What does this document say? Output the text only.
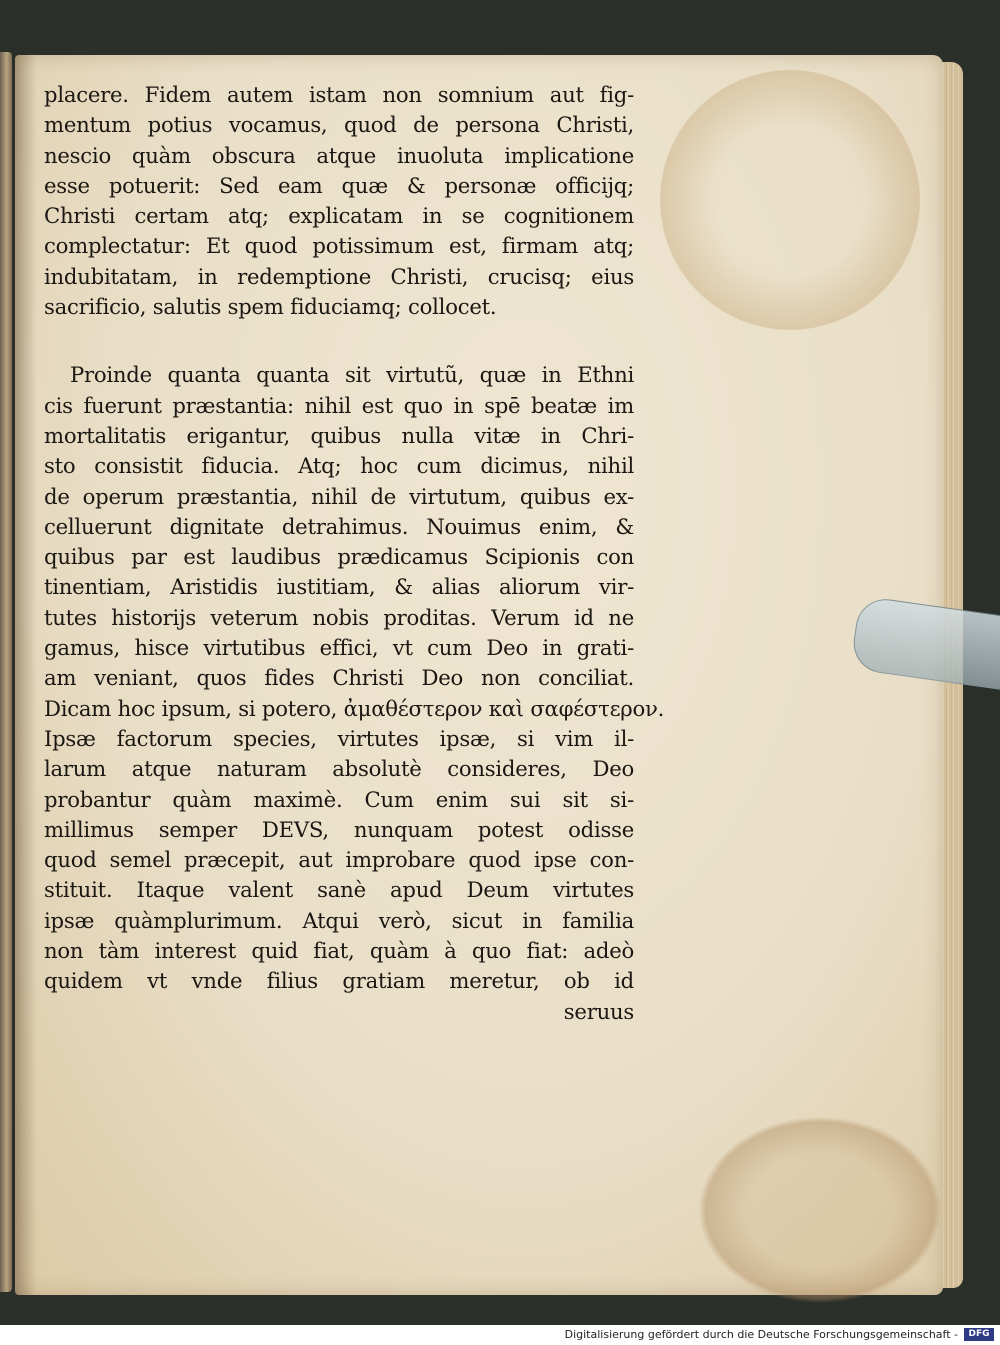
placere. Fidem autem istam non somnium aut fig-
mentum potius vocamus, quod de persona Christi,
nescio quàm obscura atque inuoluta implicatione
esse potuerit: Sed eam quæ & personæ officijq;
Christi certam atq; explicatam in se cognitionem
complectatur: Et quod potissimum est, firmam atq;
indubitatam, in redemptione Christi, crucisq; eius
sacrificio, salutis spem fiduciamq; collocet.
Proinde quanta quanta sit virtutũ, quæ in Ethni
cis fuerunt præstantia: nihil est quo in spē beatæ im
mortalitatis erigantur, quibus nulla vitæ in Chri-
sto consistit fiducia. Atq; hoc cum dicimus, nihil
de operum præstantia, nihil de virtutum, quibus ex-
celluerunt dignitate detrahimus. Nouimus enim, &
quibus par est laudibus prædicamus Scipionis con
tinentiam, Aristidis iustitiam, & alias aliorum vir-
tutes historijs veterum nobis proditas. Verum id ne
gamus, hisce virtutibus effici, vt cum Deo in grati-
am veniant, quos fides Christi Deo non conciliat.
Dicam hoc ipsum, si potero, ἀμαθέστερον καὶ σαφέστερον.
Ipsæ factorum species, virtutes ipsæ, si vim il-
larum atque naturam absolutè consideres, Deo
probantur quàm maximè. Cum enim sui sit si-
millimus semper DEVS, nunquam potest odisse
quod semel præcepit, aut improbare quod ipse con-
stituit. Itaque valent sanè apud Deum virtutes
ipsæ quàmplurimum. Atqui verò, sicut in familia
non tàm interest quid fiat, quàm à quo fiat: adeò
quidem vt vnde filius gratiam meretur, ob id
seruus
Digitalisierung gefördert durch die Deutsche Forschungsgemeinschaft -	DFG
